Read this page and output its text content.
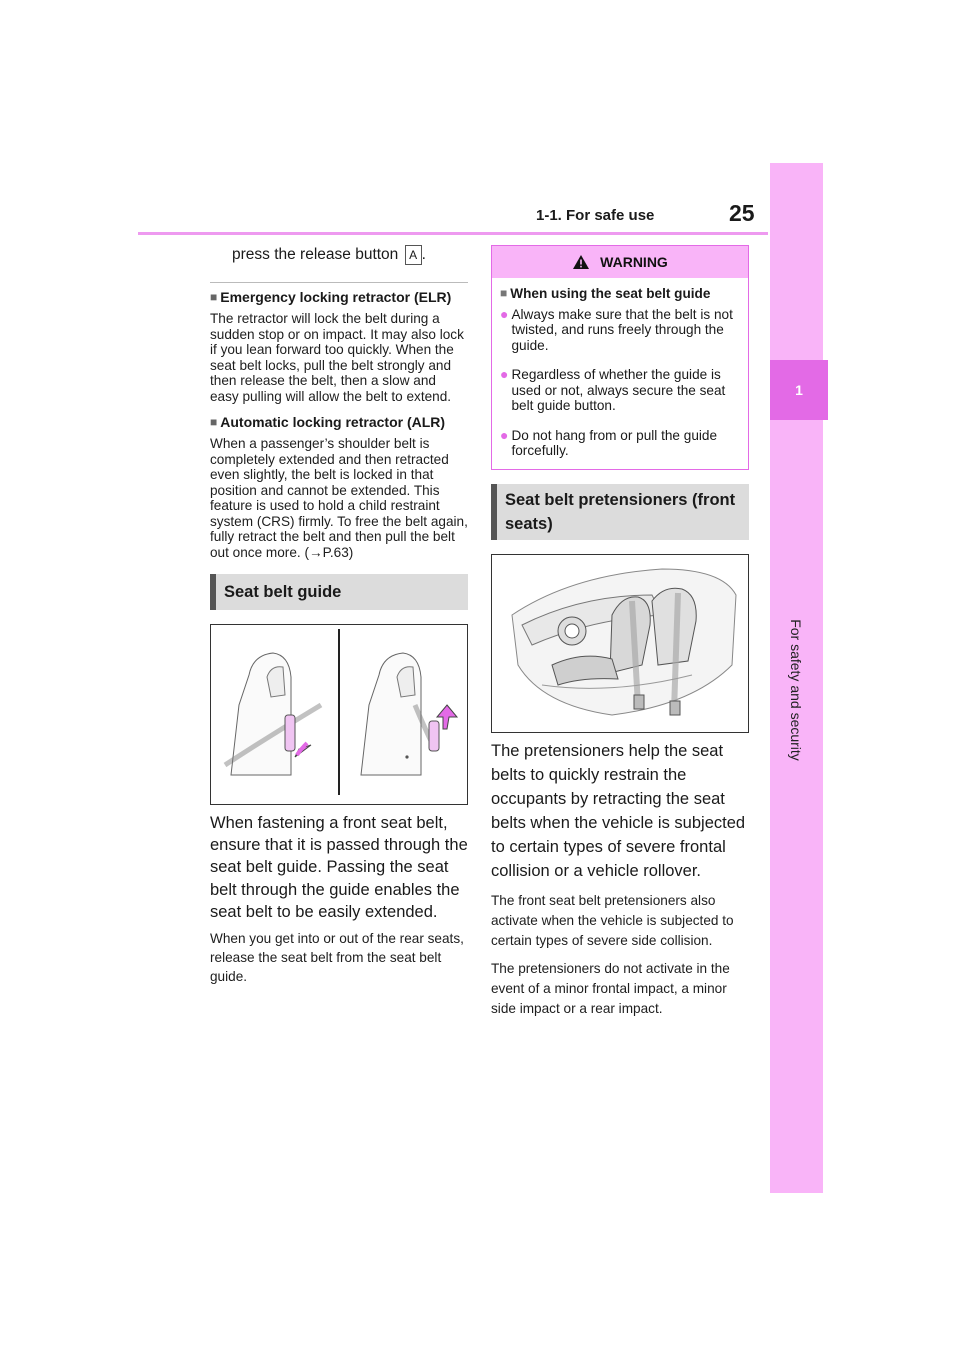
1-1. For safe use	25
1
For safety and security

press the release button A .

■ Emergency locking retractor (ELR)

The retractor will lock the belt during a sudden stop or on impact. It may also lock if you lean forward too quickly. When the seat belt locks, pull the belt strongly and then release the belt, then a slow and easy pulling will allow the belt to extend.

■ Automatic locking retractor (ALR)

When a passenger’s shoulder belt is completely extended and then retracted even slightly, the belt is locked in that position and cannot be extended. This feature is used to hold a child restraint system (CRS) firmly. To free the belt again, fully retract the belt and then pull the belt out once more. (→P.63)

Seat belt guide

When fastening a front seat belt, ensure that it is passed through the seat belt guide. Passing the seat belt through the guide enables the seat belt to be easily extended.

When you get into or out of the rear seats, release the seat belt from the seat belt guide.

WARNING
■ When using the seat belt guide
● Always make sure that the belt is not twisted, and runs freely through the guide.
● Regardless of whether the guide is used or not, always secure the seat belt guide button.
● Do not hang from or pull the guide forcefully.
Seat belt pretensioners (front seats)

The pretensioners help the seat belts to quickly restrain the occupants by retracting the seat belts when the vehicle is subjected to certain types of severe frontal collision or a vehicle rollover.

The front seat belt pretensioners also activate when the vehicle is subjected to certain types of severe side collision.

The pretensioners do not activate in the event of a minor frontal impact, a minor side impact or a rear impact.
